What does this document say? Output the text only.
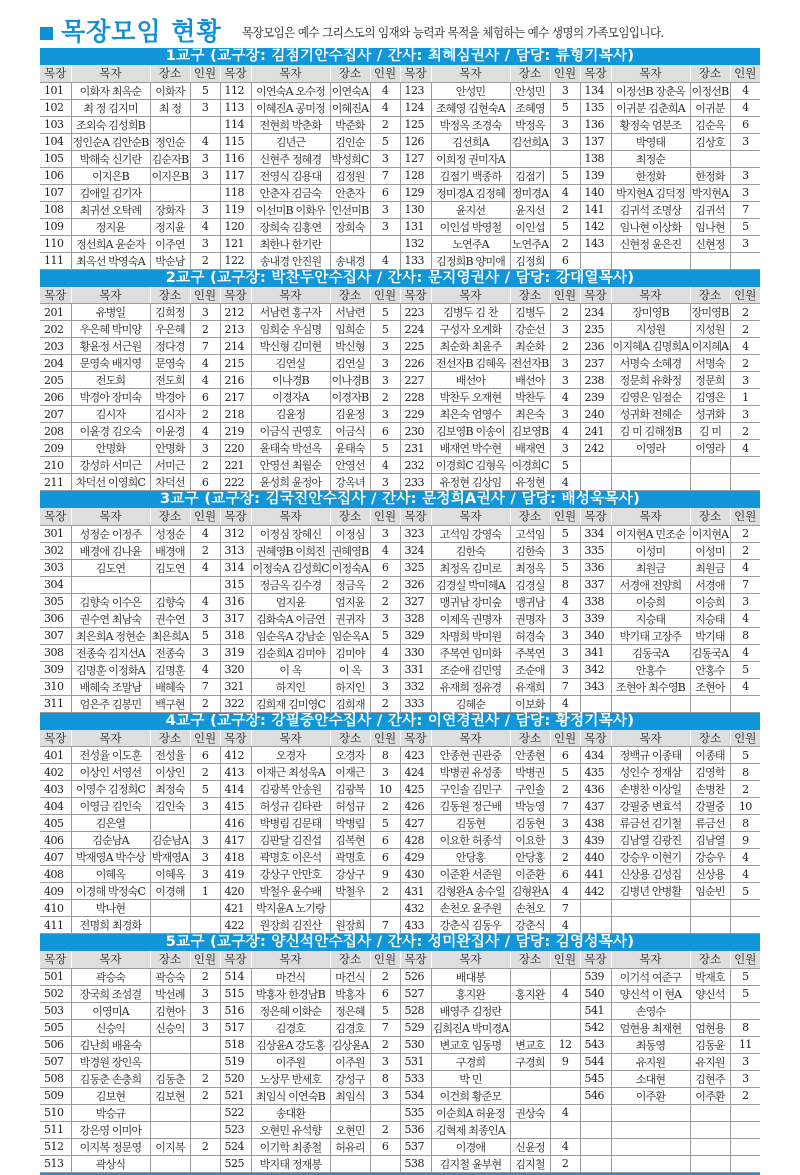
목장모임 현황 목장모임은 예수 그리스도의 임재와 능력과 목적을 체험하는 예수 생명의 가족모임입니다.
1교구 (교구장: 김점기안수집사 / 간사: 최혜심권사 / 담당: 류형기목사)
목장	목자	장소	인원	목장	목자	장소	인원	목장	목자	장소	인원	목장	목자	장소	인원
101	이화자 최옥순	이화자	5	112	이연숙A 오수정	이연숙A	4	123	안성민	안성민	3	134	이정선B 장춘옥	이정선B	4
102	최 정 김지미	최 정	3	113	이혜진A 공미정	이혜진A	4	124	조혜영 김현숙A	조혜영	5	135	이귀분 김춘희A	이귀분	4
103	조외숙 김성희B			114	전현희 박춘화	박준화	2	125	박정옥 조경숙	박정옥	3	136	황정숙 엄분조	김순옥	6
104	정인순A 김안순B	정인순	4	115	김년근	김인순	5	126	김선희A	김선희A	3	137	박영태	김상호	3
105	박해숙 신기란	김순자B	3	116	신현주 정혜경	박성희C	3	127	이희정 권미자A			138	최정순		
106	이지은B	이지은B	3	117	전영식 김용대	김정원	7	128	김점기 백종하	김점기	5	139	한정화	한정화	3
107	김애일 김기자			118	안춘자 김금숙	안춘자	6	129	정미경A 김정혜	정미경A	4	140	박지현A 김덕정	박지현A	3
108	최귀선 오탁례	장화자	3	119	이선미B 이화우	인선미B	3	130	윤지선	윤지선	2	141	김귀석 조명상	김귀석	7
109	정지윤	정지윤	4	120	장희숙 김홍연	장희숙	3	131	이인섭 박영철	이인섭	5	142	임나현 이상화	임나현	5
110	정선희A 윤순자	이주연	3	121	최한나 한기란			132	노연주A	노연주A	2	143	신현정 윤은진	신현정	3
111	최옥선 박영숙A	박순남	2	122	송내경 안진원	송내경	4	133	김정희B 양미애	김정희	6				
2교구 (교구장: 박찬두안수집사 / 간사: 문지영권사 / 담당: 강대열목사)
목장	목자	장소	인원	목장	목자	장소	인원	목장	목자	장소	인원	목장	목자	장소	인원
201	유병일	김희정	3	212	서남련 홍구자	서남련	5	223	김병두 김 찬	김병두	2	234	장미영B	장미영B	2
202	우은혜 박미양	우은혜	2	213	임희순 우심명	임희순	5	224	구성자 오계화	강순선	3	235	지성원	지성원	2
203	황윤정 서근원	정다경	7	214	박신형 김미현	박신형	3	225	최순화 최윤주	최순화	2	236	이지혜A 김명희A	이지혜A	4
204	문영숙 배지영	문영숙	4	215	김연실	김연실	3	226	전선자B 김혜옥	전선자B	3	237	서명숙 소혜경	서명숙	2
205	전도희	전도희	4	216	이나경B	이나경B	3	227	배선아	배선아	3	238	정문희 유화정	정문희	3
206	박경아 장미숙	박경아	6	217	이경자A	이경자B	2	228	박찬두 오재현	박찬두	4	239	김영은 임점순	김영은	1
207	김시자	김시자	2	218	김윤정	김윤정	3	229	최은숙 엄영수	최은숙	3	240	성귀화 전혜순	성귀화	3
208	이윤경 김오숙	이윤경	4	219	이금식 권영호	이금식	6	230	김보영B 이송이	김보영B	4	241	김 미 김해정B	김 미	2
209	안명화	안명화	3	220	윤태숙 박선옥	윤태숙	5	231	배재연 박수현	배재연	3	242	이영라	이영라	4
210	강성하 서미근	서미근	2	221	안영선 최월순	안영선	4	232	이경희C 김형옥	이경희C	5				
211	차덕선 이영희C	차덕선	6	222	윤성희 윤정아	강옥녀	3	233	유정현 김상임	유정현	4				
3교구 (교구장: 김국진안수집사 / 간사: 문정희A권사 / 담당: 배성욱목사)
목장	목자	장소	인원	목장	목자	장소	인원	목장	목자	장소	인원	목장	목자	장소	인원
301	성정순 이정주	성정순	4	312	이정심 장혜신	이정심	3	323	고석임 강영숙	고석임	5	334	이지현A 민조순	이지현A	2
302	배경애 김나윤	배경애	2	313	권혜영B 이희진	권혜영B	4	324	김한숙	김한숙	3	335	이성미	이성미	2
303	김도연	김도연	4	314	이정숙A 김성희C	이정숙A	6	325	최정옥 김미로	최정옥	5	336	최원금	최원금	4
304				315	정금옥 김수경	정금옥	2	326	김경실 박미혜A	김경실	8	337	서경애 전양희	서경애	7
305	김향숙 이수은	김향숙	4	316	엄지윤	엄지윤	2	327	맹귀남 장미숲	맹귀남	4	338	이승희	이승희	3
306	권수연 최남숙	권수연	3	317	김화숙A 이금연	권귀자	3	328	이제옥 권명자	권명자	3	339	지승태	지승태	4
307	최은희A 정현순	최은희A	5	318	임순옥A 강남순	임순옥A	5	329	차명희 박미원	허경숙	3	340	박기태 고장주	박기태	8
308	전종숙 김지선A	전종숙	3	319	김순희A 김미야	김미야	4	330	주복연 임미화	주복연	3	341	김동국A	김동국A	4
309	김명훈 이정화A	김명훈	4	320	이 옥	이 옥	3	331	조순애 김민영	조순애	3	342	안홍수	안홍수	5
310	배혜숙 조말남	배혜숙	7	321	하지인	하지인	3	332	유재희 정유경	유재희	7	343	조현아 최수영B	조현아	4
311	엄은주 김봉민	백구현	2	322	김희재 김미영C	김희재	2	333	김혜순	이보화	4				
4교구 (교구장: 강필중안수집사 / 간사: 이연경권사 / 담당: 황정기목사)
목장	목자	장소	인원	목장	목자	장소	인원	목장	목자	장소	인원	목장	목자	장소	인원
401	전성율 이도훈	전성율	6	412	오경자	오경자	8	423	안종현 권관중	안종현	6	434	정백규 이종태	이종태	5
402	이상인 서영선	이상인	2	413	이재근 최성욱A	이재근	3	424	박병권 유성종	박병권	5	435	성인수 정재삼	김영학	8
403	이영수 김정희C	최정숙	5	414	김광복 안송원	김광복	10	425	구인솔 김민구	구인솔	2	436	손병찬 이상일	손병찬	2
404	이영금 김인숙	김인숙	3	415	허성규 김타관	허성규	2	426	김동원 정근배	박능영	7	437	강필중 변효석	강필중	10
405	김은열			416	박병림 김문태	박병림	5	427	김동현	김동현	3	438	류금선 김기철	류금선	8
406	김순남A	김순남A	3	417	김판달 김진섭	김복현	6	428	이요한 허종석	이요한	3	439	김남열 김광진	김남열	9
407	박재영A 박수상	박재영A	3	418	곽명호 이은석	곽명호	6	429	안당홍	안당홍	2	440	강승우 이현기	강승우	4
408	이혜옥	이혜옥	3	419	강상구 안만호	강상구	9	430	이준환 서준원	이준환	6	441	신상용 김성집	신상용	4
409	이경해 박정숙C	이경해	1	420	박철우 윤수배	박철우	2	431	김형완A 송수일	김형완A	4	442	김병년 안병활	임순빈	5
410	박나현			421	박지윤A 노기랑			432	손천오 윤주원	손천오	7				
411	전명희 최경화			422	원장희 김진산	원장희	7	433	강춘식 김동우	강춘식	4				
5교구 (교구장: 양신석안수집사 / 간사: 성미완집사 / 담당: 김영성목사)
목장	목자	장소	인원	목장	목자	장소	인원	목장	목자	장소	인원	목장	목자	장소	인원
501	곽승숙	곽승숙	2	514	마건식	마건식	2	526	배대봉			539	이기석 여준구	박재호	5
502	장국희 조섬결	박선례	3	515	박홍자 한경남B	박홍자	6	527	홍지완	홍지완	4	540	양신석 이 현A	양신석	5
503	이영미A	김현아	3	516	정은혜 이화순	정은혜	5	528	배영주 김정란			541	손영수		
505	신승익	신승익	3	517	김경호	김경호	7	529	김희진A 박미경A			542	엄현용 최재현	엄현용	8
506	김난희 배윤숙			518	김상윤A 강도홍	김상윤A	2	530	변교호 임동명	변교호	12	543	최동영	김동윤	11
507	박경원 장인옥			519	이주원	이주원	3	531	구경희	구경희	9	544	유지원	유지원	3
508	김동춘 손충희	김동춘	2	520	노상무 반세호	강성구	8	533	박 민			545	소대현	김현주	3
509	김보현	김보현	2	521	최임식 이연숙B	최임식	3	534	이건희 황준모			546	이주환	이주환	2
510	박승규			522	송대환			535	이순희A 허윤정	권상숙	4				
511	강은영 이미아			523	오현민 유석향	오현민	2	536	김혁제 최종인A						
512	이지복 정문영	이지복	2	524	이기학 최종철	허유리	6	537	이경애	신윤정	4				
513	곽상식			525	박지태 정재봉			538	김지철 윤부현	김지철	2				
